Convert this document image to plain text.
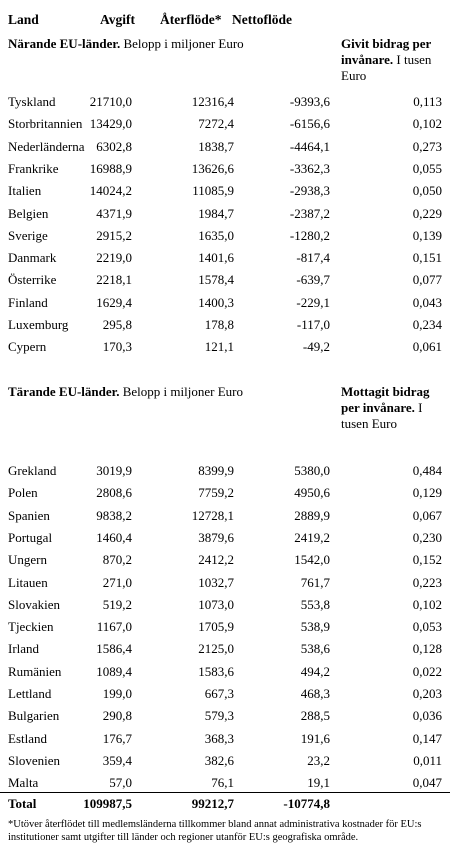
Land	Avgift Återflöde* Nettoflöde
Närande EU-länder. Belopp i miljoner Euro	Givit bidrag per invånare. I tusen Euro
Tyskland	21710,0	12316,4	-9393,6	0,113
Storbritannien 13429,0	7272,4	-6156,6	0,102
Nederländerna 6302,8	1838,7	-4464,1	0,273
Frankrike 16988,9	13626,6	-3362,3	0,055
Italien	14024,2	11085,9	-2938,3	0,050
Belgien	4371,9	1984,7	-2387,2	0,229
Sverige	2915,2	1635,0	-1280,2	0,139
Danmark	2219,0	1401,6	-817,4	0,151
Österrike	2218,1	1578,4	-639,7	0,077
Finland	1629,4	1400,3	-229,1	0,043
Luxemburg	295,8	178,8	-117,0	0,234
Cypern	170,3	121,1	-49,2	0,061
Tärande EU-länder. Belopp i miljoner Euro	Mottagit bidrag per invånare. I tusen Euro
Grekland	3019,9	8399,9	5380,0	0,484
Polen	2808,6	7759,2	4950,6	0,129
Spanien	9838,2	12728,1	2889,9	0,067
Portugal	1460,4	3879,6	2419,2	0,230
Ungern	870,2	2412,2	1542,0	0,152
Litauen	271,0	1032,7	761,7	0,223
Slovakien	519,2	1073,0	553,8	0,102
Tjeckien	1167,0	1705,9	538,9	0,053
Irland	1586,4	2125,0	538,6	0,128
Rumänien	1089,4	1583,6	494,2	0,022
Lettland	199,0	667,3	468,3	0,203
Bulgarien	290,8	579,3	288,5	0,036
Estland	176,7	368,3	191,6	0,147
Slovenien	359,4	382,6	23,2	0,011
Malta	57,0	76,1	19,1	0,047
Total	109987,5	99212,7	-10774,8
*Utöver återflödet till medlemsländerna tillkommer bland annat administrativa kostnader för EU:s institutioner samt utgifter till länder och regioner utanför EU:s geografiska område.
